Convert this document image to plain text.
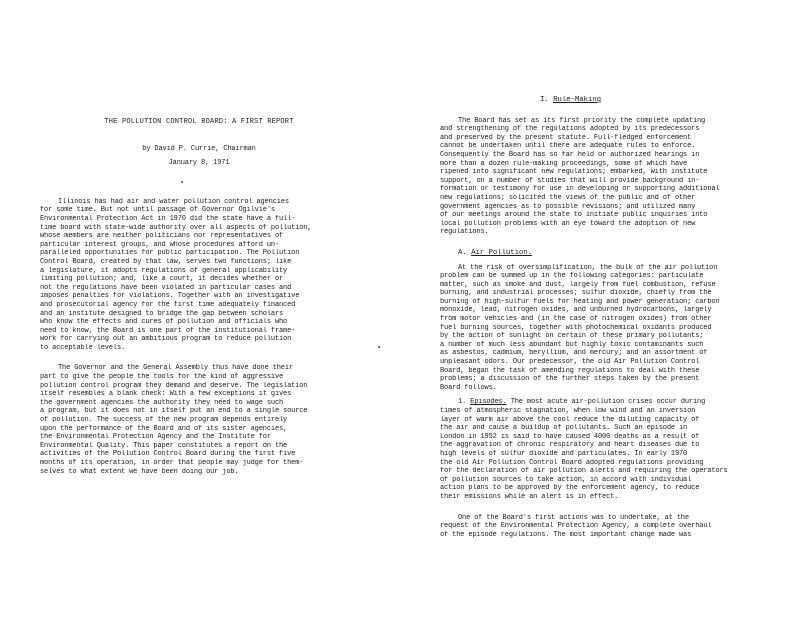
THE POLLUTION CONTROL BOARD: A FIRST REPORT
by David P. Currie, Chairman
January 8, 1971
Illinois has had air and water pollution control agencies
for some time. But not until passage of Governor Ogilvie's
Environmental Protection Act in 1970 did the state have a full-
time board with state-wide authority over all aspects of pollution,
whose members are neither politicians nor representatives of
particular interest groups, and whose procedures afford un-
paralleled opportunities for public participation. The Pollution
Control Board, created by that law, serves two functions; like
a legislature, it adopts regulations of general applicability
limiting pollution; and, like a court, it decides whether or
not the regulations have been violated in particular cases and
imposes penalties for violations. Together with an investigative
and prosecutorial agency for the first time adequately financed
and an institute designed to bridge the gap between scholars
who know the effects and cures of pollution and officials who
need to know, the Board is one part of the institutional frame-
work for carrying out an ambitious program to reduce pollution
to acceptable levels.
The Governor and the General Assembly thus have done their
part to give the people the tools for the kind of aggressive
pollution control program they demand and deserve. The legislation
itself resembles a blank check: With a few exceptions it gives
the government agencies the authority they need to wage such
a program, but it does not in itself put an end to a single source
of pollution. The success of the new program depends entirely
upon the performance of the Board and of its sister agencies,
the Environmental Protection Agency and the Institute for
Environmental Quality. This paper constitutes a report on the
activities of the Pollution Control Board during the first five
months of its operation, in order that people may judge for them-
selves to what extent we have been doing our job.
I. Rule-Making
The Board has set as its first priority the complete updating
and strengthening of the regulations adopted by its predecessors
and preserved by the present statute. Full-fledged enforcement
cannot be undertaken until there are adequate rules to enforce.
Consequently the Board has so far held or authorized hearings in
more than a dozen rule-making proceedings, some of which have
ripened into significant new regulations; embarked, with institute
support, on a number of studies that will provide background in-
formation or testimony for use in developing or supporting additional
new regulations; solicited the views of the public and of other
government agencies as to possible revisions; and utilized many
of our meetings around the state to initiate public inquiries into
local pollution problems with an eye toward the adoption of new
regulations.
A. Air Pollution.
At the risk of oversimplification, the bulk of the air pollution
problem can be summed up in the following categories: particulate
matter, such as smoke and dust, largely from fuel combustion, refuse
burning, and industrial processes; sulfur dioxide, chiefly from the
burning of high-sulfur fuels for heating and power generation; carbon
monoxide, lead, nitrogen oxides, and unburned hydrocarbons, largely
from motor vehicles and (in the case of nitrogen oxides) from other
fuel burning sources, together with photochemical oxidants produced
by the action of sunlight on certain of these primary pollutants;
a number of much less abundant but highly toxic contaminants such
as asbestos, cadmium, beryllium, and mercury; and an assortment of
unpleasant odors. Our predecessor, the old Air Pollution Control
Board, began the task of amending regulations to deal with these
problems; a discussion of the further steps taken by the present
Board follows.
1. Episodes. The most acute air-pollution crises occur during
times of atmospheric stagnation, when low wind and an inversion
layer of warm air above the cool reduce the diluting capacity of
the air and cause a buildup of pollutants. Such an episode in
London in 1952 is said to have caused 4000 deaths as a result of
the aggravation of chronic respiratory and heart diseases due to
high levels of sulfur dioxide and particulates. In early 1970
the old Air Pollution Control Board adopted regulations providing
for the declaration of air pollution alerts and requiring the operators
of pollution sources to take action, in accord with individual
action plans to be approved by the enforcement agency, to reduce
their emissions while an alert is in effect.
One of the Board's first actions was to undertake, at the
request of the Environmental Protection Agency, a complete overhaul
of the episode regulations. The most important change made was
